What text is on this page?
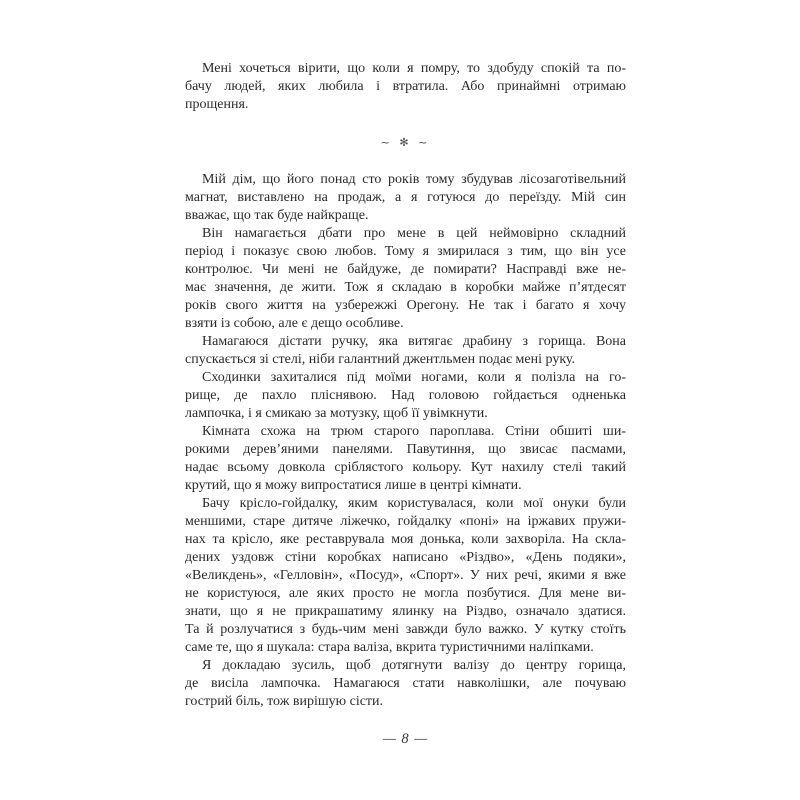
Мені хочеться вірити, що коли я помру, то здобуду спокій та по-
бачу людей, яких любила і втратила. Або принаймні отримаю
прощення.
~ ✻ ~
Мій дім, що його понад сто років тому збудував лісозаготівельний
магнат, виставлено на продаж, а я готуюся до переїзду. Мій син
вважає, що так буде найкраще.
Він намагається дбати про мене в цей неймовірно складний
період і показує свою любов. Тому я змирилася з тим, що він усе
контролює. Чи мені не байдуже, де помирати? Насправді вже не-
має значення, де жити. Тож я складаю в коробки майже п’ятдесят
років свого життя на узбережжі Орегону. Не так і багато я хочу
взяти із собою, але є дещо особливе.
Намагаюся дістати ручку, яка витягає драбину з горища. Вона
спускається зі стелі, ніби галантний джентльмен подає мені руку.
Сходинки захиталися під моїми ногами, коли я полізла на го-
рище, де пахло пліснявою. Над головою гойдається одненька
лампочка, і я смикаю за мотузку, щоб її увімкнути.
Кімната схожа на трюм старого пароплава. Стіни обшиті ши-
рокими дерев’яними панелями. Павутиння, що звисає пасмами,
надає всьому довкола сріблястого кольору. Кут нахилу стелі такий
крутий, що я можу випростатися лише в центрі кімнати.
Бачу крісло-гойдалку, яким користувалася, коли мої онуки були
меншими, старе дитяче ліжечко, гойдалку «поні» на іржавих пружи-
нах та крісло, яке реставрувала моя донька, коли захворіла. На скла-
дених уздовж стіни коробках написано «Різдво», «День подяки»,
«Великдень», «Гелловін», «Посуд», «Спорт». У них речі, якими я вже
не користуюся, але яких просто не могла позбутися. Для мене ви-
знати, що я не прикрашатиму ялинку на Різдво, означало здатися.
Та й розлучатися з будь-чим мені завжди було важко. У кутку стоїть
саме те, що я шукала: стара валіза, вкрита туристичними наліпками.
Я докладаю зусиль, щоб дотягнути валізу до центру горища,
де висіла лампочка. Намагаюся стати навколішки, але почуваю
гострий біль, тож вирішую сісти.
— 8 —
